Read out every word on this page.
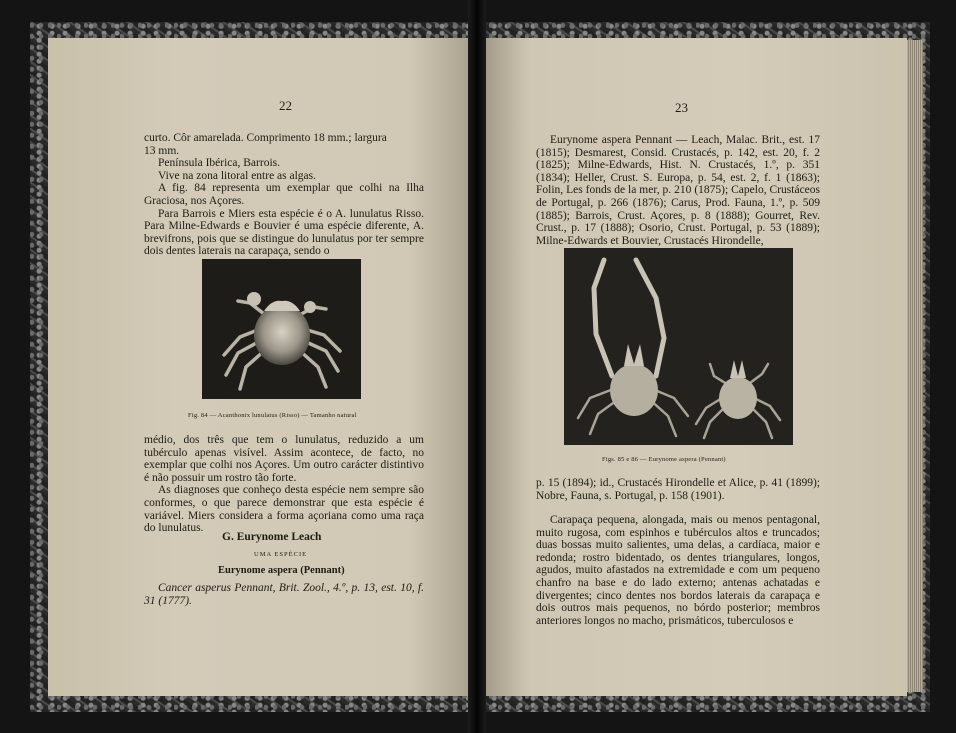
22

curto. Côr amarelada. Comprimento 18 mm.; largura

13 mm.

Península Ibérica, Barrois.

Vive na zona litoral entre as algas.

A fig. 84 representa um exemplar que colhi na Ilha Graciosa, nos Açores.

Para Barrois e Miers esta espécie é o A. lunulatus Risso. Para Milne-Edwards e Bouvier é uma espécie diferente, A. brevifrons, pois que se distingue do lunulatus por ter sempre dois dentes laterais na carapaça, sendo o

Fig. 84 — Acanthonix lunulatus (Risso) — Tamanho natural

médio, dos três que tem o lunulatus, reduzido a um tubérculo apenas visível. Assim acontece, de facto, no exemplar que colhi nos Açores. Um outro carácter distintivo é não possuir um rostro tão forte.

As diagnoses que conheço desta espécie nem sempre são conformes, o que parece demonstrar que esta espécie é variável. Miers considera a forma açoriana como uma raça do lunulatus.

G. Eurynome Leach
UMA ESPÉCIE
Eurynome aspera (Pennant)

Cancer asperus Pennant, Brit. Zool., 4.º, p. 13, est. 10, f. 31 (1777).

23

Eurynome aspera Pennant — Leach, Malac. Brit., est. 17 (1815); Desmarest, Consid. Crustacés, p. 142, est. 20, f. 2 (1825); Milne-Edwards, Hist. N. Crustacés, 1.º, p. 351 (1834); Heller, Crust. S. Europa, p. 54, est. 2, f. 1 (1863); Folin, Les fonds de la mer, p. 210 (1875); Capelo, Crustáceos de Portugal, p. 266 (1876); Carus, Prod. Fauna, 1.º, p. 509 (1885); Barrois, Crust. Açores, p. 8 (1888); Gourret, Rev. Crust., p. 17 (1888); Osorio, Crust. Portugal, p. 53 (1889); Milne-Edwards et Bouvier, Crustacés Hirondelle,

Figs. 85 e 86 — Eurynome aspera (Pennant)

p. 15 (1894); id., Crustacés Hirondelle et Alice, p. 41 (1899); Nobre, Fauna, s. Portugal, p. 158 (1901).

Carapaça pequena, alongada, mais ou menos pentagonal, muito rugosa, com espinhos e tubérculos altos e truncados; duas bossas muito salientes, uma delas, a cardíaca, maior e redonda; rostro bidentado, os dentes triangulares, longos, agudos, muito afastados na extremidade e com um pequeno chanfro na base e do lado externo; antenas achatadas e divergentes; cinco dentes nos bordos laterais da carapaça e dois outros mais pequenos, no bórdo posterior; membros anteriores longos no macho, prismáticos, tuberculosos e
